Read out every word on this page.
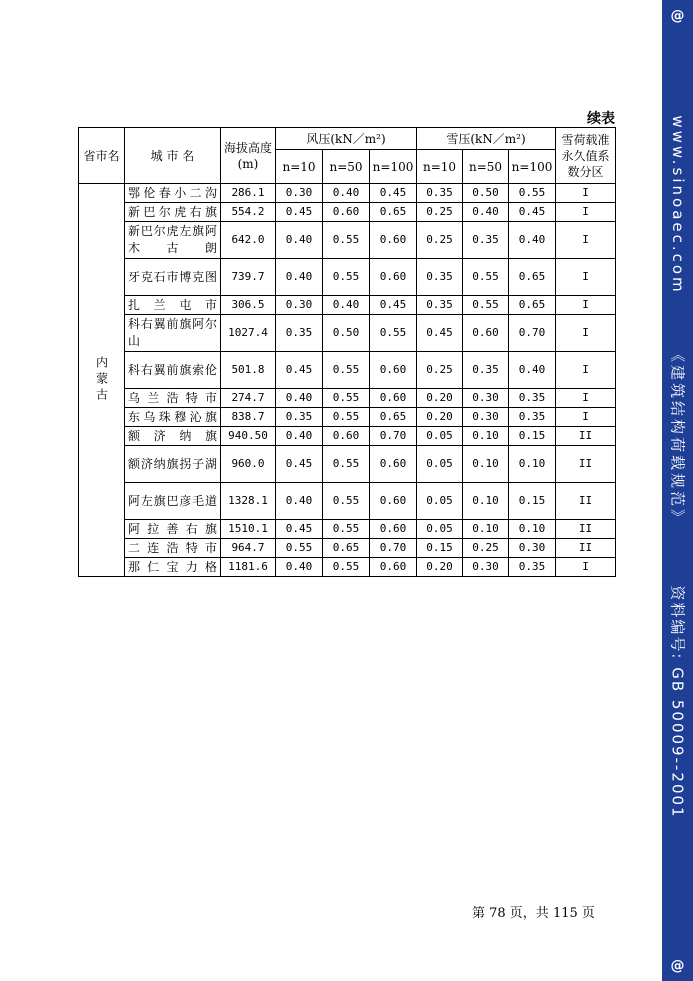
@
www.sinoaec.com
《建筑结构荷载规范》
资料编号: GB 50009--2001
@
续表
省市名	城 市 名	海拔高度(m)	风压(kN／m²)			雪压(kN／m²)			雪荷载准永久值系数分区
			n=10	n=50	n=100	n=10	n=50	n=100	
内蒙古	鄂伦春小二沟	286.1	0.30	0.40	0.45	0.35	0.50	0.55	I
	新巴尔虎右旗	554.2	0.45	0.60	0.65	0.25	0.40	0.45	I
	新巴尔虎左旗阿木古朗	642.0	0.40	0.55	0.60	0.25	0.35	0.40	I
	牙克石市博克图	739.7	0.40	0.55	0.60	0.35	0.55	0.65	I
	扎兰屯市	306.5	0.30	0.40	0.45	0.35	0.55	0.65	I
	科右翼前旗阿尔山	1027.4	0.35	0.50	0.55	0.45	0.60	0.70	I
	科右翼前旗索伦	501.8	0.45	0.55	0.60	0.25	0.35	0.40	I
	乌兰浩特市	274.7	0.40	0.55	0.60	0.20	0.30	0.35	I
	东乌珠穆沁旗	838.7	0.35	0.55	0.65	0.20	0.30	0.35	I
	额济纳旗	940.50	0.40	0.60	0.70	0.05	0.10	0.15	II
	额济纳旗拐子湖	960.0	0.45	0.55	0.60	0.05	0.10	0.10	II
	阿左旗巴彦毛道	1328.1	0.40	0.55	0.60	0.05	0.10	0.15	II
	阿拉善右旗	1510.1	0.45	0.55	0.60	0.05	0.10	0.10	II
	二连浩特市	964.7	0.55	0.65	0.70	0.15	0.25	0.30	II
	那仁宝力格	1181.6	0.40	0.55	0.60	0.20	0.30	0.35	I
第 78 页，共 115 页
